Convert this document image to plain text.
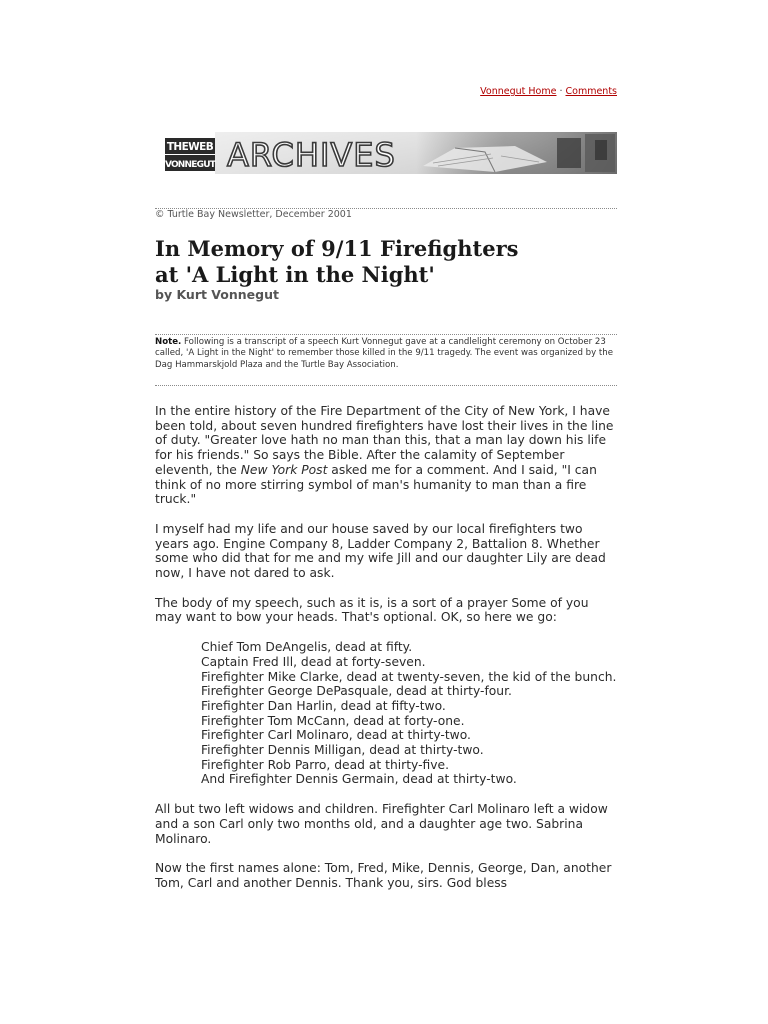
Vonnegut Home · Comments
THEWEB
VONNEGUT ARCHIVES
© Turtle Bay Newsletter, December 2001
In Memory of 9/11 Firefighters
at 'A Light in the Night'
by Kurt Vonnegut
Note. Following is a transcript of a speech Kurt Vonnegut gave at a candlelight ceremony on October 23 called, 'A Light in the Night' to remember those killed in the 9/11 tragedy. The event was organized by the Dag Hammarskjold Plaza and the Turtle Bay Association.

In the entire history of the Fire Department of the City of New York, I have been told, about seven hundred firefighters have lost their lives in the line of duty. "Greater love hath no man than this, that a man lay down his life for his friends." So says the Bible. After the calamity of September eleventh, the New York Post asked me for a comment. And I said, "I can think of no more stirring symbol of man's humanity to man than a fire truck."

I myself had my life and our house saved by our local firefighters two years ago. Engine Company 8, Ladder Company 2, Battalion 8. Whether some who did that for me and my wife Jill and our daughter Lily are dead now, I have not dared to ask.

The body of my speech, such as it is, is a sort of a prayer Some of you may want to bow your heads. That's optional. OK, so here we go:

Chief Tom DeAngelis, dead at fifty.
Captain Fred Ill, dead at forty-seven.
Firefighter Mike Clarke, dead at twenty-seven, the kid of the bunch.
Firefighter George DePasquale, dead at thirty-four.
Firefighter Dan Harlin, dead at fifty-two.
Firefighter Tom McCann, dead at forty-one.
Firefighter Carl Molinaro, dead at thirty-two.
Firefighter Dennis Milligan, dead at thirty-two.
Firefighter Rob Parro, dead at thirty-five.
And Firefighter Dennis Germain, dead at thirty-two.

All but two left widows and children. Firefighter Carl Molinaro left a widow and a son Carl only two months old, and a daughter age two. Sabrina Molinaro.

Now the first names alone: Tom, Fred, Mike, Dennis, George, Dan, another Tom, Carl and another Dennis. Thank you, sirs. God bless
